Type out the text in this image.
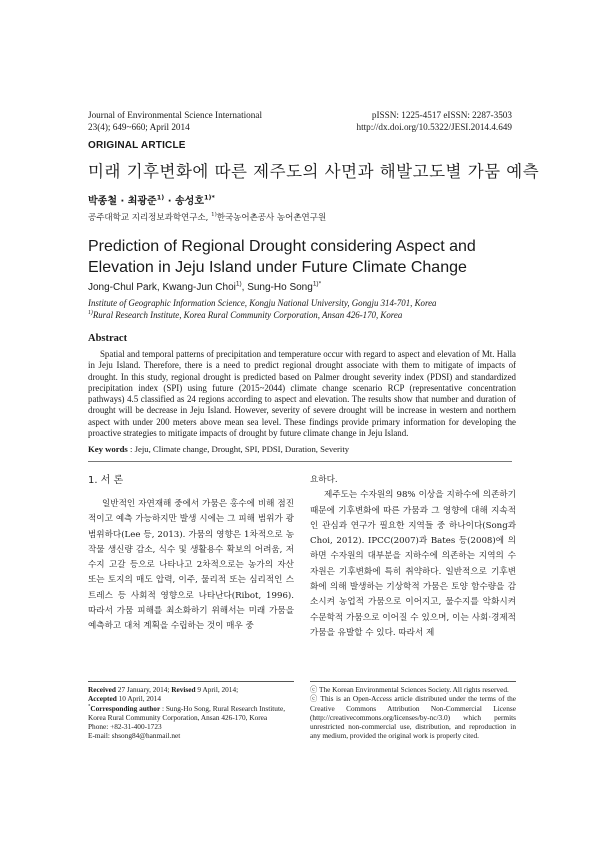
Journal of Environmental Science International
23(4); 649~660; April 2014
pISSN: 1225-4517 eISSN: 2287-3503
http://dx.doi.org/10.5322/JESI.2014.4.649
ORIGINAL ARTICLE
미래 기후변화에 따른 제주도의 사면과 해발고도별 가뭄 예측
박종철 · 최광준$^{1)}$ · 송성호$^{1)*}$
공주대학교 지리정보과학연구소, $^{1)}$한국농어촌공사 농어촌연구원
Prediction of Regional Drought considering Aspect and Elevation in Jeju Island under Future Climate Change
Jong-Chul Park, Kwang-Jun Choi$^{1)}$, Sung-Ho Song$^{1)*}$
Institute of Geographic Information Science, Kongju National University, Gongju 314-701, Korea
$^{1)}$Rural Research Institute, Korea Rural Community Corporation, Ansan 426-170, Korea
Abstract
Spatial and temporal patterns of precipitation and temperature occur with regard to aspect and elevation of Mt. Halla in Jeju Island. Therefore, there is a need to predict regional drought associate with them to mitigate of impacts of drought. In this study, regional drought is predicted based on Palmer drought severity index (PDSI) and standardized precipitation index (SPI) using future (2015~2044) climate change scenario RCP (representative concentration pathways) 4.5 classified as 24 regions according to aspect and elevation. The results show that number and duration of drought will be decrease in Jeju Island. However, severity of severe drought will be increase in western and northern aspect with under 200 meters above mean sea level. These findings provide primary information for developing the proactive strategies to mitigate impacts of drought by future climate change in Jeju Island.
Key words : Jeju, Climate change, Drought, SPI, PDSI, Duration, Severity
1. 서 론
일반적인 자연재해 중에서 가뭄은 홍수에 비해 점진적이고 예측 가능하지만 발생 시에는 그 피해 범위가 광범위하다(Lee 등, 2013). 가뭄의 영향은 1차적으로 농작물 생신량 감소, 식수 및 생활용수 확보의 어려움, 저수지 고갈 등으로 나타나고 2차적으로는 농가의 자산 또는 토지의 매도 압력, 이주, 물리적 또는 심리적인 스트레스 등 사회적 영향으로 나타난다(Ribot, 1996). 따라서 가뭄 피해를 최소화하기 위해서는 미래 가뭄을 예측하고 대처 계획을 수립하는 것이 매우 중
요하다.
제주도는 수자원의 98% 이상을 지하수에 의존하기 때문에 기후변화에 따른 가뭄과 그 영향에 대해 지속적인 관심과 연구가 필요한 지역들 중 하나이다(Song과 Choi, 2012). IPCC(2007)과 Bates 등(2008)에 의하면 수자원의 대부분을 지하수에 의존하는 지역의 수자원은 기후변화에 특히 취약하다. 일반적으로 기후변화에 의해 발생하는 기상학적 가뭄은 토양 함수량을 감소시켜 농업적 가뭄으로 이어지고, 물수지를 악화시켜 수문학적 가뭄으로 이어질 수 있으며, 이는 사회·경제적 가뭄을 유발할 수 있다. 따라서 제
Received 27 January, 2014; Revised 9 April, 2014;
Accepted 10 April, 2014
*Corresponding author : Sung-Ho Song, Rural Research Institute, Korea Rural Community Corporation, Ansan 426-170, Korea
Phone: +82-31-400-1723
E-mail: shsong84@hanmail.net
ⓒ The Korean Environmental Sciences Society. All rights reserved.
ⓒ This is an Open-Access article distributed under the terms of the Creative Commons Attribution Non-Commercial License (http://creativecommons.org/licenses/by-nc/3.0) which permits unrestricted non-commercial use, distribution, and reproduction in any medium, provided the original work is properly cited.
